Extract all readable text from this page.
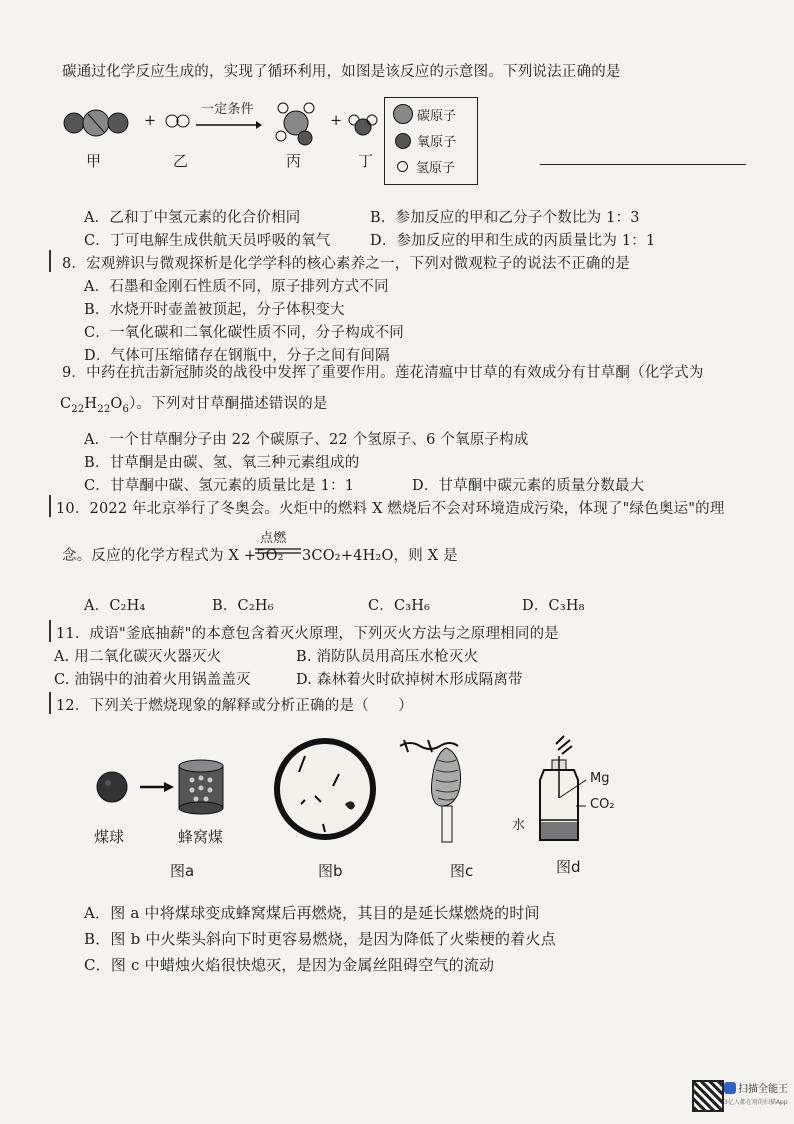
碳通过化学反应生成的，实现了循环利用，如图是该反应的示意图。下列说法正确的是
+
一定条件
+
甲	乙	丙	丁
碳原子
氧原子
氢原子
A．乙和丁中氢元素的化合价相同	B．参加反应的甲和乙分子个数比为 1：3
C．丁可电解生成供航天员呼吸的氧气	D．参加反应的甲和生成的丙质量比为 1：1
8．宏观辨识与微观探析是化学学科的核心素养之一，下列对微观粒子的说法不正确的是
A．石墨和金刚石性质不同，原子排列方式不同
B．水烧开时壶盖被顶起，分子体积变大
C．一氧化碳和二氧化碳性质不同，分子构成不同
D．气体可压缩储存在钢瓶中，分子之间有间隔
9．中药在抗击新冠肺炎的战役中发挥了重要作用。莲花清瘟中甘草的有效成分有甘草酮（化学式为
$C_{22}H_{22}O_6$）。下列对甘草酮描述错误的是
A．一个甘草酮分子由 22 个碳原子、22 个氢原子、6 个氧原子构成
B．甘草酮是由碳、氢、氧三种元素组成的
C．甘草酮中碳、氢元素的质量比是 1：1	D．甘草酮中碳元素的质量分数最大
10．2022 年北京举行了冬奥会。火炬中的燃料 X 燃烧后不会对环境造成污染，体现了"绿色奥运"的理
念。反应的化学方程式为 X +5O₂
点燃
3CO₂+4H₂O，则 X 是
A．C₂H₄	B．C₂H₆	C．C₃H₆	D．C₃H₈
11．成语"釜底抽薪"的本意包含着灭火原理，下列灭火方法与之原理相同的是
A. 用二氧化碳灭火器灭火	B. 消防队员用高压水枪灭火
C. 油锅中的油着火用锅盖盖灭	D. 森林着火时砍掉树木形成隔离带
12．下列关于燃烧现象的解释或分析正确的是（　　）
煤球	蜂窝煤
图a	图b	图c
Mg
CO₂
水
图d
A．图 a 中将煤球变成蜂窝煤后再燃烧，其目的是延长煤燃烧的时间
B．图 b 中火柴头斜向下时更容易燃烧，是因为降低了火柴梗的着火点
C．图 c 中蜡烛火焰很快熄灭，是因为金属丝阻碍空气的流动
扫描全能王
3亿人都在用的扫描App
